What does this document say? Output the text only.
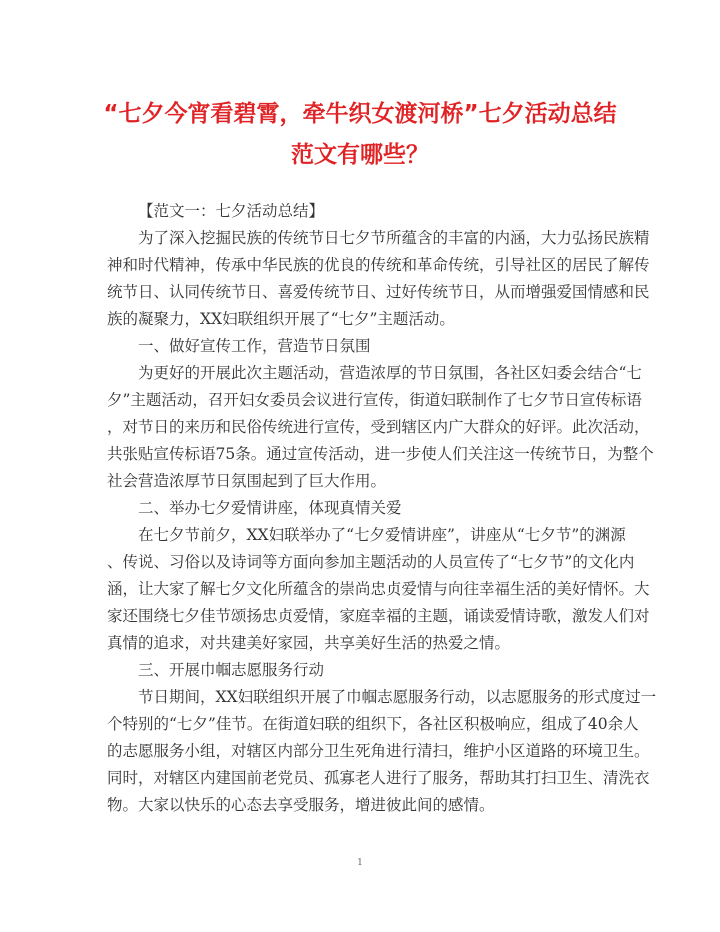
“七夕今宵看碧霄，牵牛织女渡河桥”七夕活动总结
范文有哪些？
【范文一：七夕活动总结】
为了深入挖掘民族的传统节日七夕节所蕴含的丰富的内涵，大力弘扬民族精
神和时代精神，传承中华民族的优良的传统和革命传统，引导社区的居民了解传
统节日、认同传统节日、喜爱传统节日、过好传统节日，从而增强爱国情感和民
族的凝聚力，XX妇联组织开展了“七夕”主题活动。
一、做好宣传工作，营造节日氛围
为更好的开展此次主题活动，营造浓厚的节日氛围，各社区妇委会结合“七
夕”主题活动，召开妇女委员会议进行宣传，街道妇联制作了七夕节日宣传标语
，对节日的来历和民俗传统进行宣传，受到辖区内广大群众的好评。此次活动，
共张贴宣传标语75条。通过宣传活动，进一步使人们关注这一传统节日，为整个
社会营造浓厚节日氛围起到了巨大作用。
二、举办七夕爱情讲座，体现真情关爱
在七夕节前夕，XX妇联举办了“七夕爱情讲座”，讲座从“七夕节”的渊源
、传说、习俗以及诗词等方面向参加主题活动的人员宣传了“七夕节”的文化内
涵，让大家了解七夕文化所蕴含的崇尚忠贞爱情与向往幸福生活的美好情怀。大
家还围绕七夕佳节颂扬忠贞爱情，家庭幸福的主题，诵读爱情诗歌，激发人们对
真情的追求，对共建美好家园，共享美好生活的热爱之情。
三、开展巾帼志愿服务行动
节日期间，XX妇联组织开展了巾帼志愿服务行动，以志愿服务的形式度过一
个特别的“七夕”佳节。在街道妇联的组织下，各社区积极响应，组成了40余人
的志愿服务小组，对辖区内部分卫生死角进行清扫，维护小区道路的环境卫生。
同时，对辖区内建国前老党员、孤寡老人进行了服务，帮助其打扫卫生、清洗衣
物。大家以快乐的心态去享受服务，增进彼此间的感情。
1
